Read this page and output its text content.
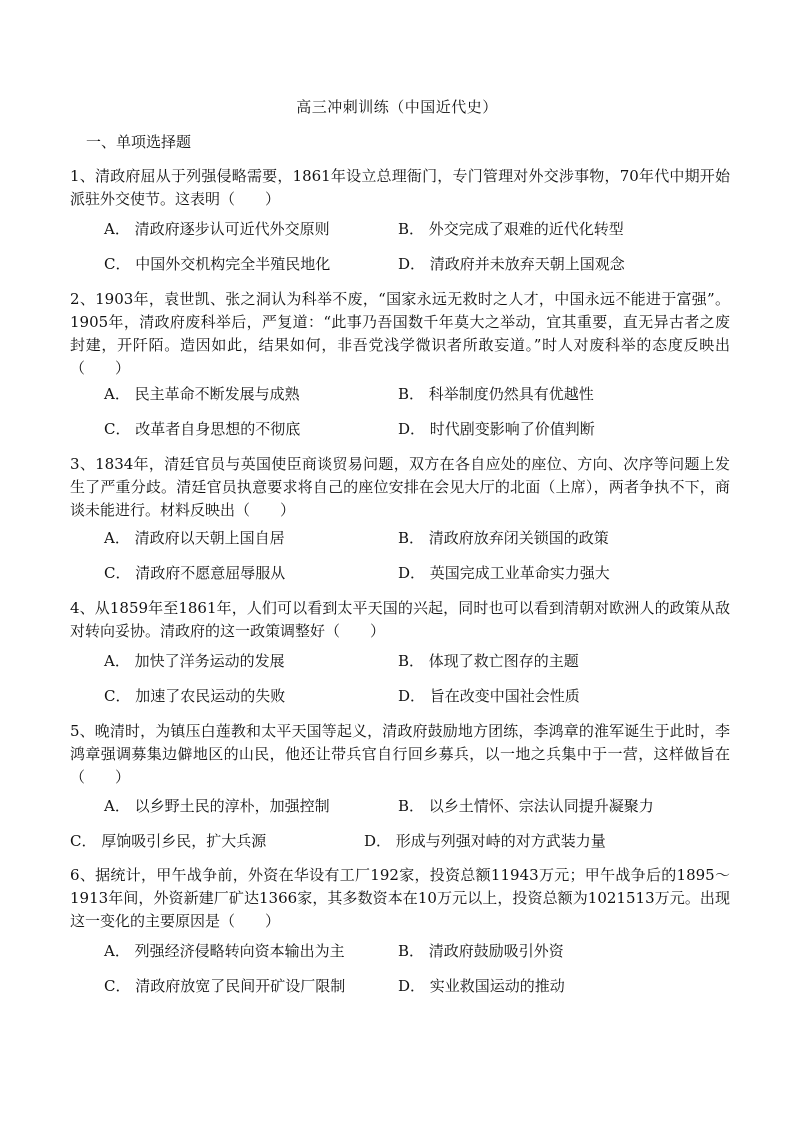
高三冲刺训练（中国近代史）
一、单项选择题
1、清政府屈从于列强侵略需要，1861年设立总理衙门，专门管理对外交涉事物，70年代中期开始派驻外交使节。这表明（　　）
A． 清政府逐步认可近代外交原则	B． 外交完成了艰难的近代化转型
C． 中国外交机构完全半殖民地化	D． 清政府并未放弃天朝上国观念
2、1903年，袁世凯、张之洞认为科举不废，“国家永远无救时之人才，中国永远不能进于富强”。1905年，清政府废科举后，严复道：“此事乃吾国数千年莫大之举动，宜其重要，直无异古者之废封建，开阡陌。造因如此，结果如何，非吾党浅学微识者所敢妄道。”时人对废科举的态度反映出（　　）
A． 民主革命不断发展与成熟	B． 科举制度仍然具有优越性
C． 改革者自身思想的不彻底	D． 时代剧变影响了价值判断
3、1834年，清廷官员与英国使臣商谈贸易问题，双方在各自应处的座位、方向、次序等问题上发生了严重分歧。清廷官员执意要求将自己的座位安排在会见大厅的北面（上席），两者争执不下，商谈未能进行。材料反映出（　　）
A． 清政府以天朝上国自居	B． 清政府放弃闭关锁国的政策
C． 清政府不愿意屈辱服从	D． 英国完成工业革命实力强大
4、从1859年至1861年，人们可以看到太平天国的兴起，同时也可以看到清朝对欧洲人的政策从敌对转向妥协。清政府的这一政策调整好（　　）
A． 加快了洋务运动的发展	B． 体现了救亡图存的主题
C． 加速了农民运动的失败	D． 旨在改变中国社会性质
5、晚清时，为镇压白莲教和太平天国等起义，清政府鼓励地方团练，李鸿章的淮军诞生于此时，李鸿章强调募集边僻地区的山民，他还让带兵官自行回乡募兵，以一地之兵集中于一营，这样做旨在（　　）
A． 以乡野土民的淳朴，加强控制	B． 以乡土情怀、宗法认同提升凝聚力
C． 厚饷吸引乡民，扩大兵源	D． 形成与列强对峙的对方武装力量
6、据统计，甲午战争前，外资在华设有工厂192家，投资总额11943万元；甲午战争后的1895～1913年间，外资新建厂矿达1366家，其多数资本在10万元以上，投资总额为1021513万元。出现这一变化的主要原因是（　　）
A． 列强经济侵略转向资本输出为主	B． 清政府鼓励吸引外资
C． 清政府放宽了民间开矿设厂限制	D． 实业救国运动的推动
